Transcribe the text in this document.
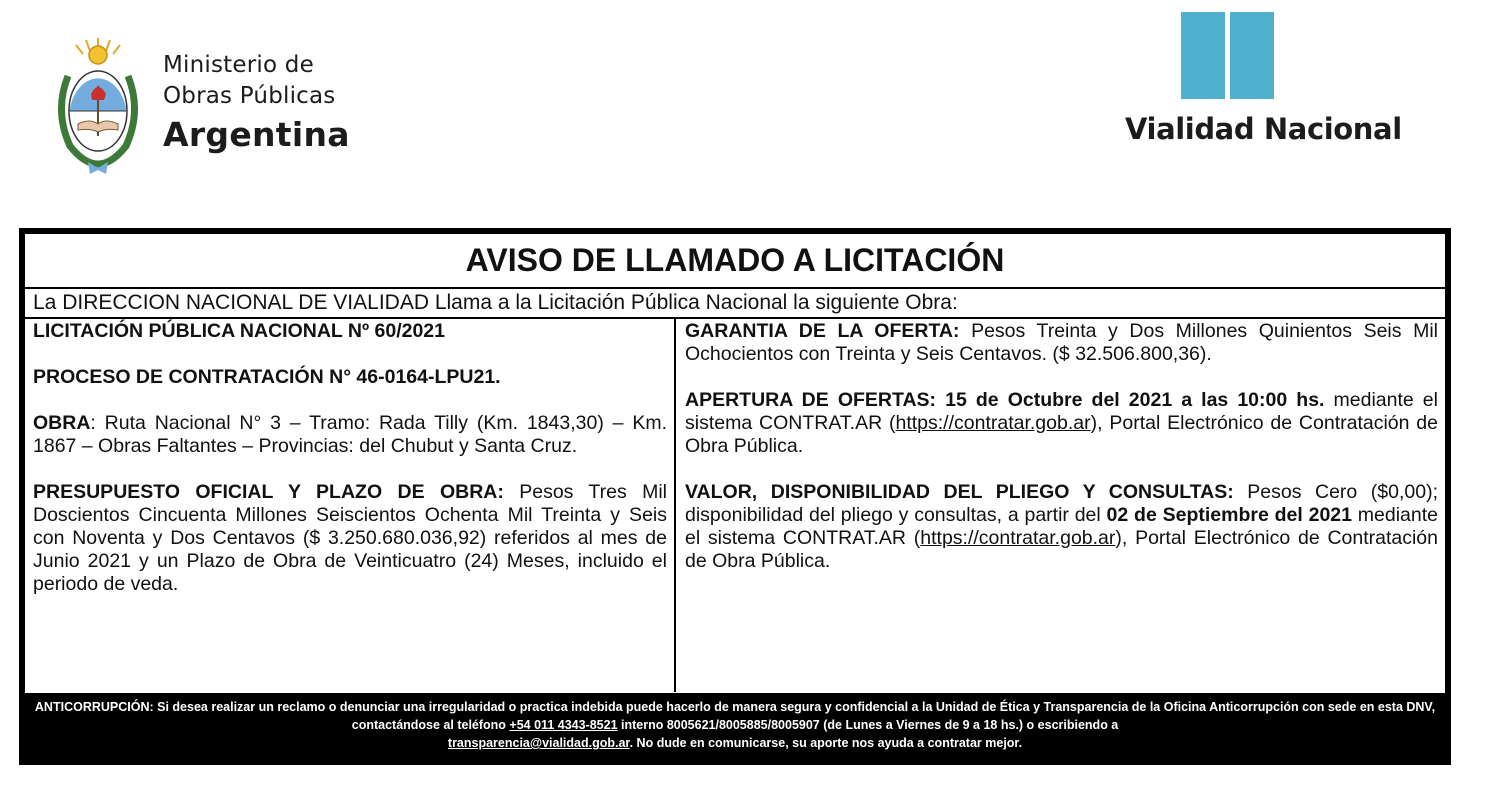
Ministerio de
Obras Públicas
Argentina	Vialidad Nacional
AVISO DE LLAMADO A LICITACIÓN
La DIRECCION NACIONAL DE VIALIDAD Llama a la Licitación Pública Nacional la siguiente Obra:

LICITACIÓN PÚBLICA NACIONAL Nº 60/2021

PROCESO DE CONTRATACIÓN N° 46-0164-LPU21.

OBRA: Ruta Nacional N° 3 – Tramo: Rada Tilly (Km. 1843,30) – Km. 1867 – Obras Faltantes – Provincias: del Chubut y Santa Cruz.

PRESUPUESTO OFICIAL Y PLAZO DE OBRA: Pesos Tres Mil Doscientos Cincuenta Millones Seiscientos Ochenta Mil Treinta y Seis con Noventa y Dos Centavos ($ 3.250.680.036,92) referidos al mes de Junio 2021 y un Plazo de Obra de Veinticuatro (24) Meses, incluido el periodo de veda.

GARANTIA DE LA OFERTA: Pesos Treinta y Dos Millones Quinientos Seis Mil Ochocientos con Treinta y Seis Centavos. ($ 32.506.800,36).

APERTURA DE OFERTAS: 15 de Octubre del 2021 a las 10:00 hs. mediante el sistema CONTRAT.AR (https://contratar.gob.ar), Portal Electrónico de Contratación de Obra Pública.

VALOR, DISPONIBILIDAD DEL PLIEGO Y CONSULTAS: Pesos Cero ($0,00); disponibilidad del pliego y consultas, a partir del 02 de Septiembre del 2021 mediante el sistema CONTRAT.AR (https://contratar.gob.ar), Portal Electrónico de Contratación de Obra Pública.

ANTICORRUPCIÓN: Si desea realizar un reclamo o denunciar una irregularidad o practica indebida puede hacerlo de manera segura y confidencial a la Unidad de Ética y Transparencia de la Oficina Anticorrupción con sede en esta DNV, contactándose al teléfono +54 011 4343-8521 interno 8005621/8005885/8005907 (de Lunes a Viernes de 9 a 18 hs.) o escribiendo a
transparencia@vialidad.gob.ar. No dude en comunicarse, su aporte nos ayuda a contratar mejor.
